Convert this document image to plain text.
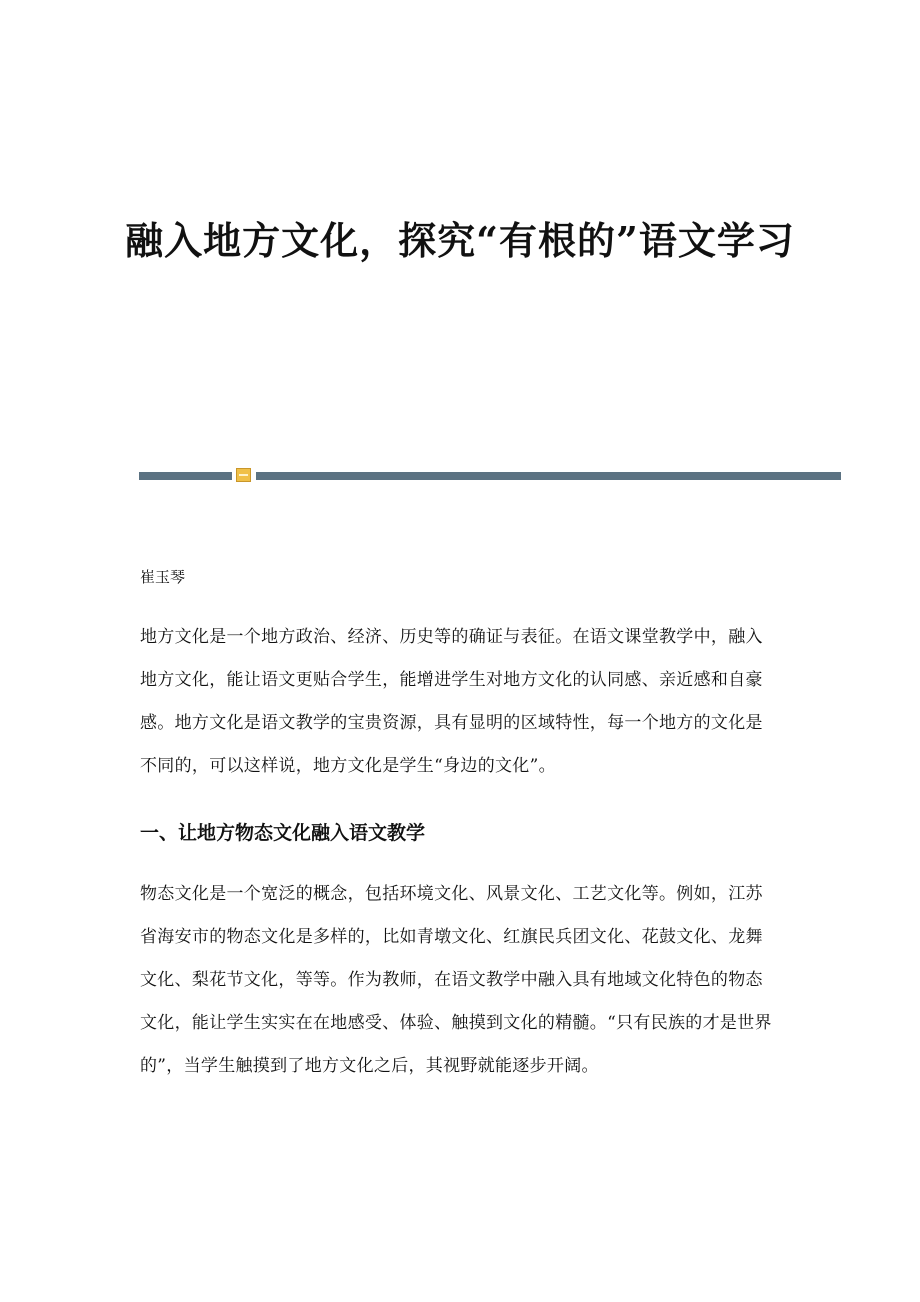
融入地方文化，探究“有根的”语文学习

崔玉琴

地方文化是一个地方政治、经济、历史等的确证与表征。在语文课堂教学中，融入地方文化，能让语文更贴合学生，能增进学生对地方文化的认同感、亲近感和自豪感。地方文化是语文教学的宝贵资源，具有显明的区域特性，每一个地方的文化是不同的，可以这样说，地方文化是学生“身边的文化”。

一、让地方物态文化融入语文教学

物态文化是一个宽泛的概念，包括环境文化、风景文化、工艺文化等。例如，江苏省海安市的物态文化是多样的，比如青墩文化、红旗民兵团文化、花鼓文化、龙舞文化、梨花节文化，等等。作为教师，在语文教学中融入具有地域文化特色的物态文化，能让学生实实在在地感受、体验、触摸到文化的精髓。“只有民族的才是世界的”，当学生触摸到了地方文化之后，其视野就能逐步开阔。
